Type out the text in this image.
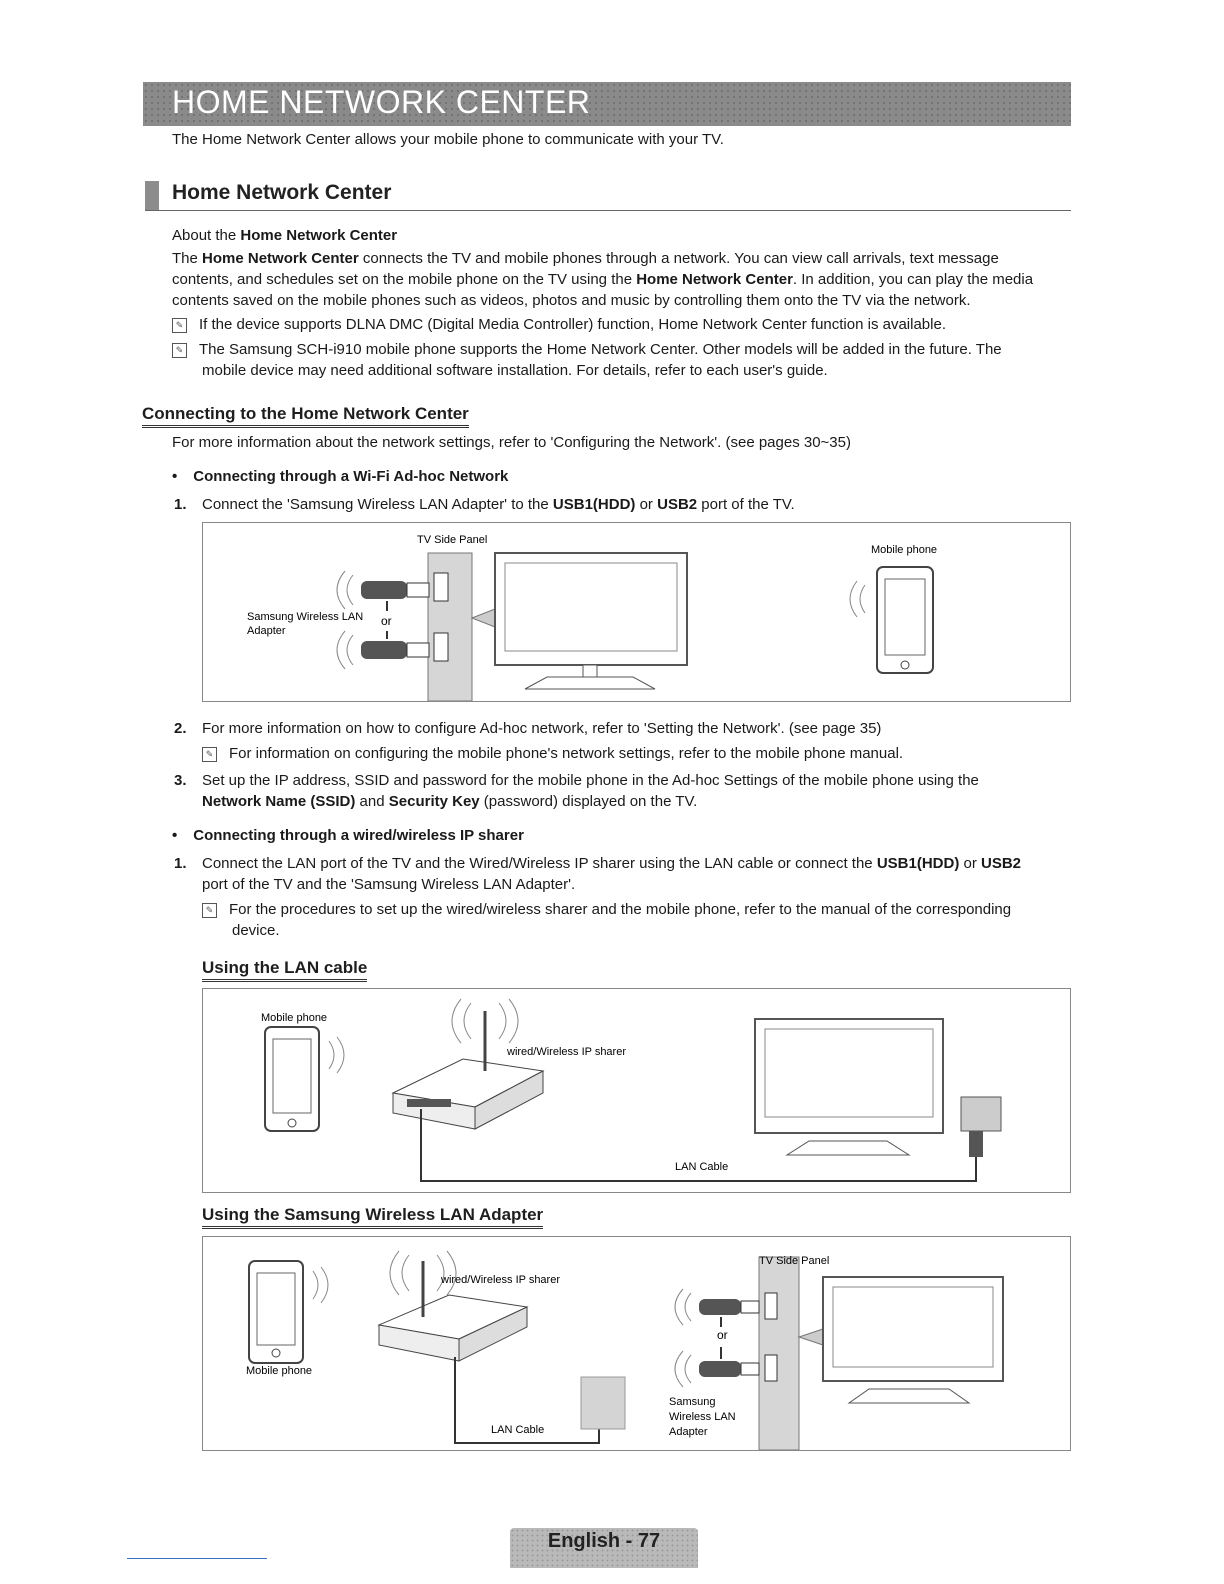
HOME NETWORK CENTER
The Home Network Center allows your mobile phone to communicate with your TV.
Home Network Center
About the Home Network Center
The Home Network Center connects the TV and mobile phones through a network. You can view call arrivals, text message
contents, and schedules set on the mobile phone on the TV using the Home Network Center. In addition, you can play the media
contents saved on the mobile phones such as videos, photos and music by controlling them onto the TV via the network.
✎ If the device supports DLNA DMC (Digital Media Controller) function, Home Network Center function is available.
✎ The Samsung SCH-i910 mobile phone supports the Home Network Center. Other models will be added in the future. The
mobile device may need additional software installation. For details, refer to each user's guide.
Connecting to the Home Network Center
For more information about the network settings, refer to 'Configuring the Network'. (see pages 30~35)
• Connecting through a Wi-Fi Ad-hoc Network
1. Connect the 'Samsung Wireless LAN Adapter' to the USB1(HDD) or USB2 port of the TV.
TV Side Panel
Mobile phone
Samsung Wireless LAN
Adapter
or
2. For more information on how to configure Ad-hoc network, refer to 'Setting the Network'. (see page 35)
✎ For information on configuring the mobile phone's network settings, refer to the mobile phone manual.
3. Set up the IP address, SSID and password for the mobile phone in the Ad-hoc Settings of the mobile phone using the
Network Name (SSID) and Security Key (password) displayed on the TV.
• Connecting through a wired/wireless IP sharer
1. Connect the LAN port of the TV and the Wired/Wireless IP sharer using the LAN cable or connect the USB1(HDD) or USB2
port of the TV and the 'Samsung Wireless LAN Adapter'.
✎ For the procedures to set up the wired/wireless sharer and the mobile phone, refer to the manual of the corresponding
device.
Using the LAN cable
Mobile phone
wired/Wireless IP sharer
LAN Cable
Using the Samsung Wireless LAN Adapter
TV Side Panel
wired/Wireless IP sharer
Mobile phone
LAN Cable
or
Samsung
Wireless LAN
Adapter
English - 77
